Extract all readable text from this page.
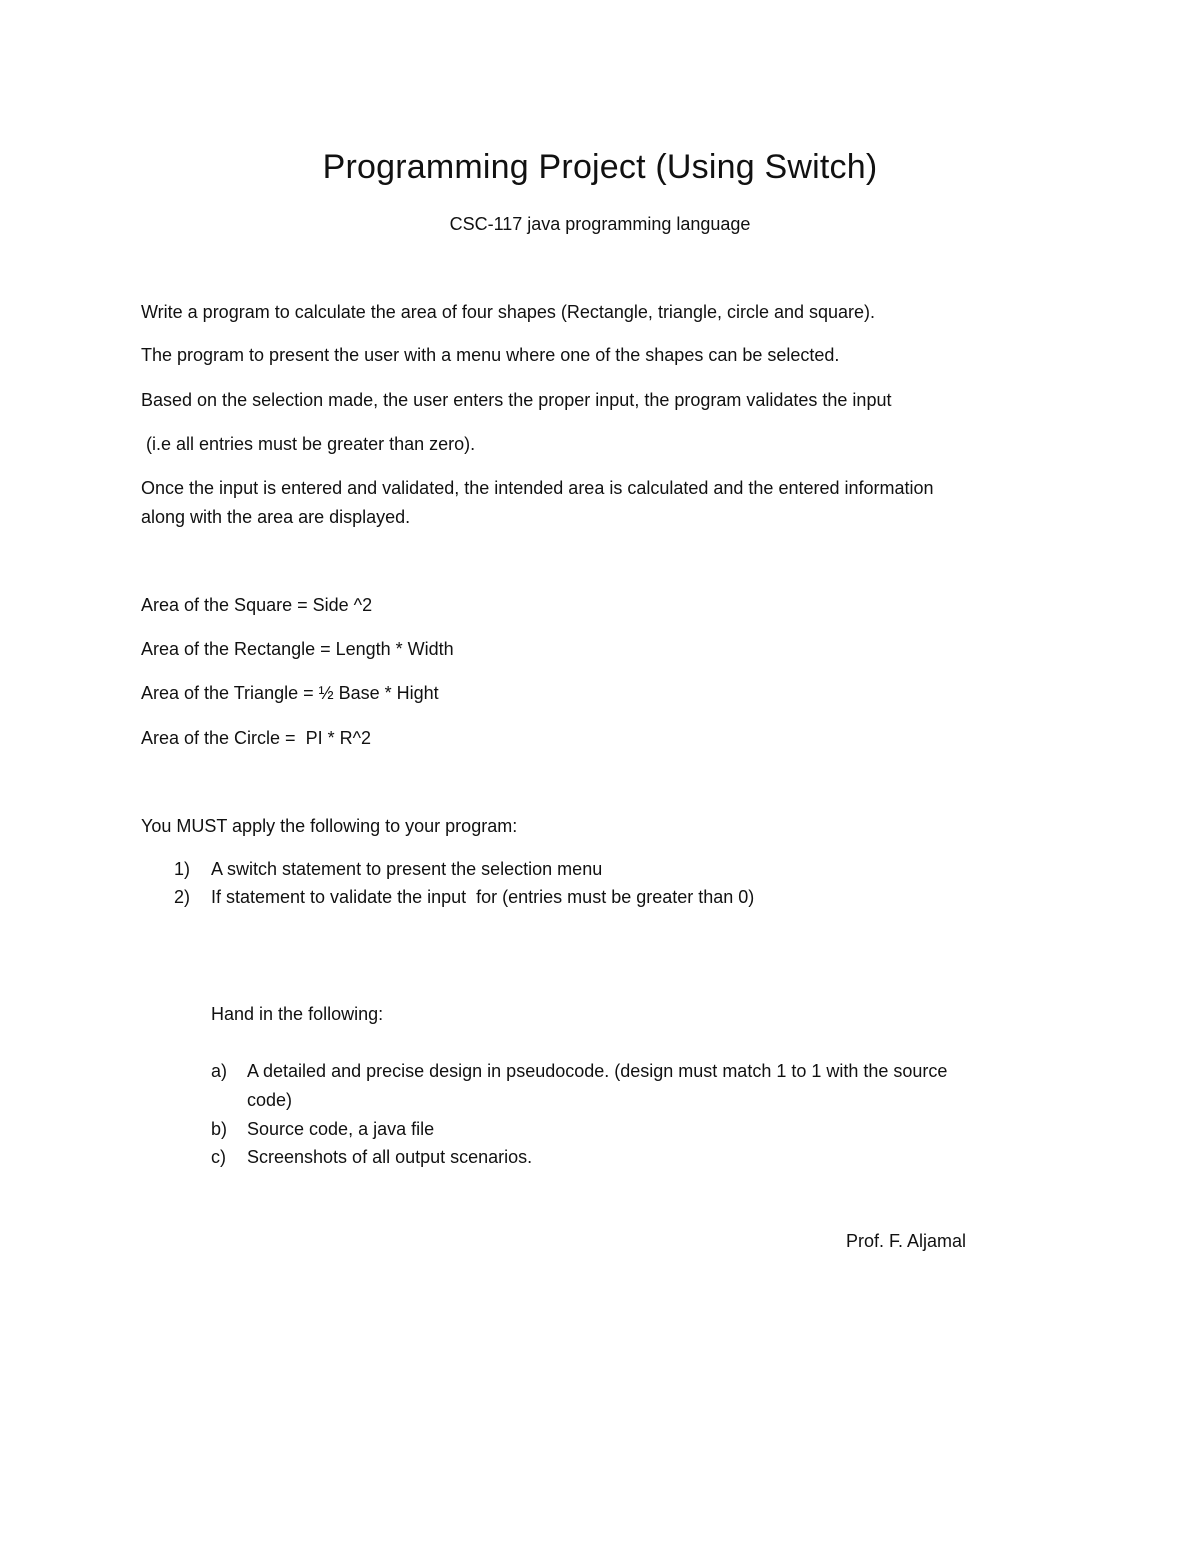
Programming Project (Using Switch)
CSC-117 java programming language
Write a program to calculate the area of four shapes (Rectangle, triangle, circle and square).
The program to present the user with a menu where one of the shapes can be selected.
Based on the selection made, the user enters the proper input, the program validates the input
(i.e all entries must be greater than zero).
Once the input is entered and validated, the intended area is calculated and the entered information
along with the area are displayed.
Area of the Square = Side ^2
Area of the Rectangle = Length * Width
Area of the Triangle = ½ Base * Hight
Area of the Circle =  PI * R^2
You MUST apply the following to your program:
1) A switch statement to present the selection menu
2) If statement to validate the input  for (entries must be greater than 0)
Hand in the following:
a) A detailed and precise design in pseudocode. (design must match 1 to 1 with the source
code)
b) Source code, a java file
c) Screenshots of all output scenarios.
Prof. F. Aljamal
